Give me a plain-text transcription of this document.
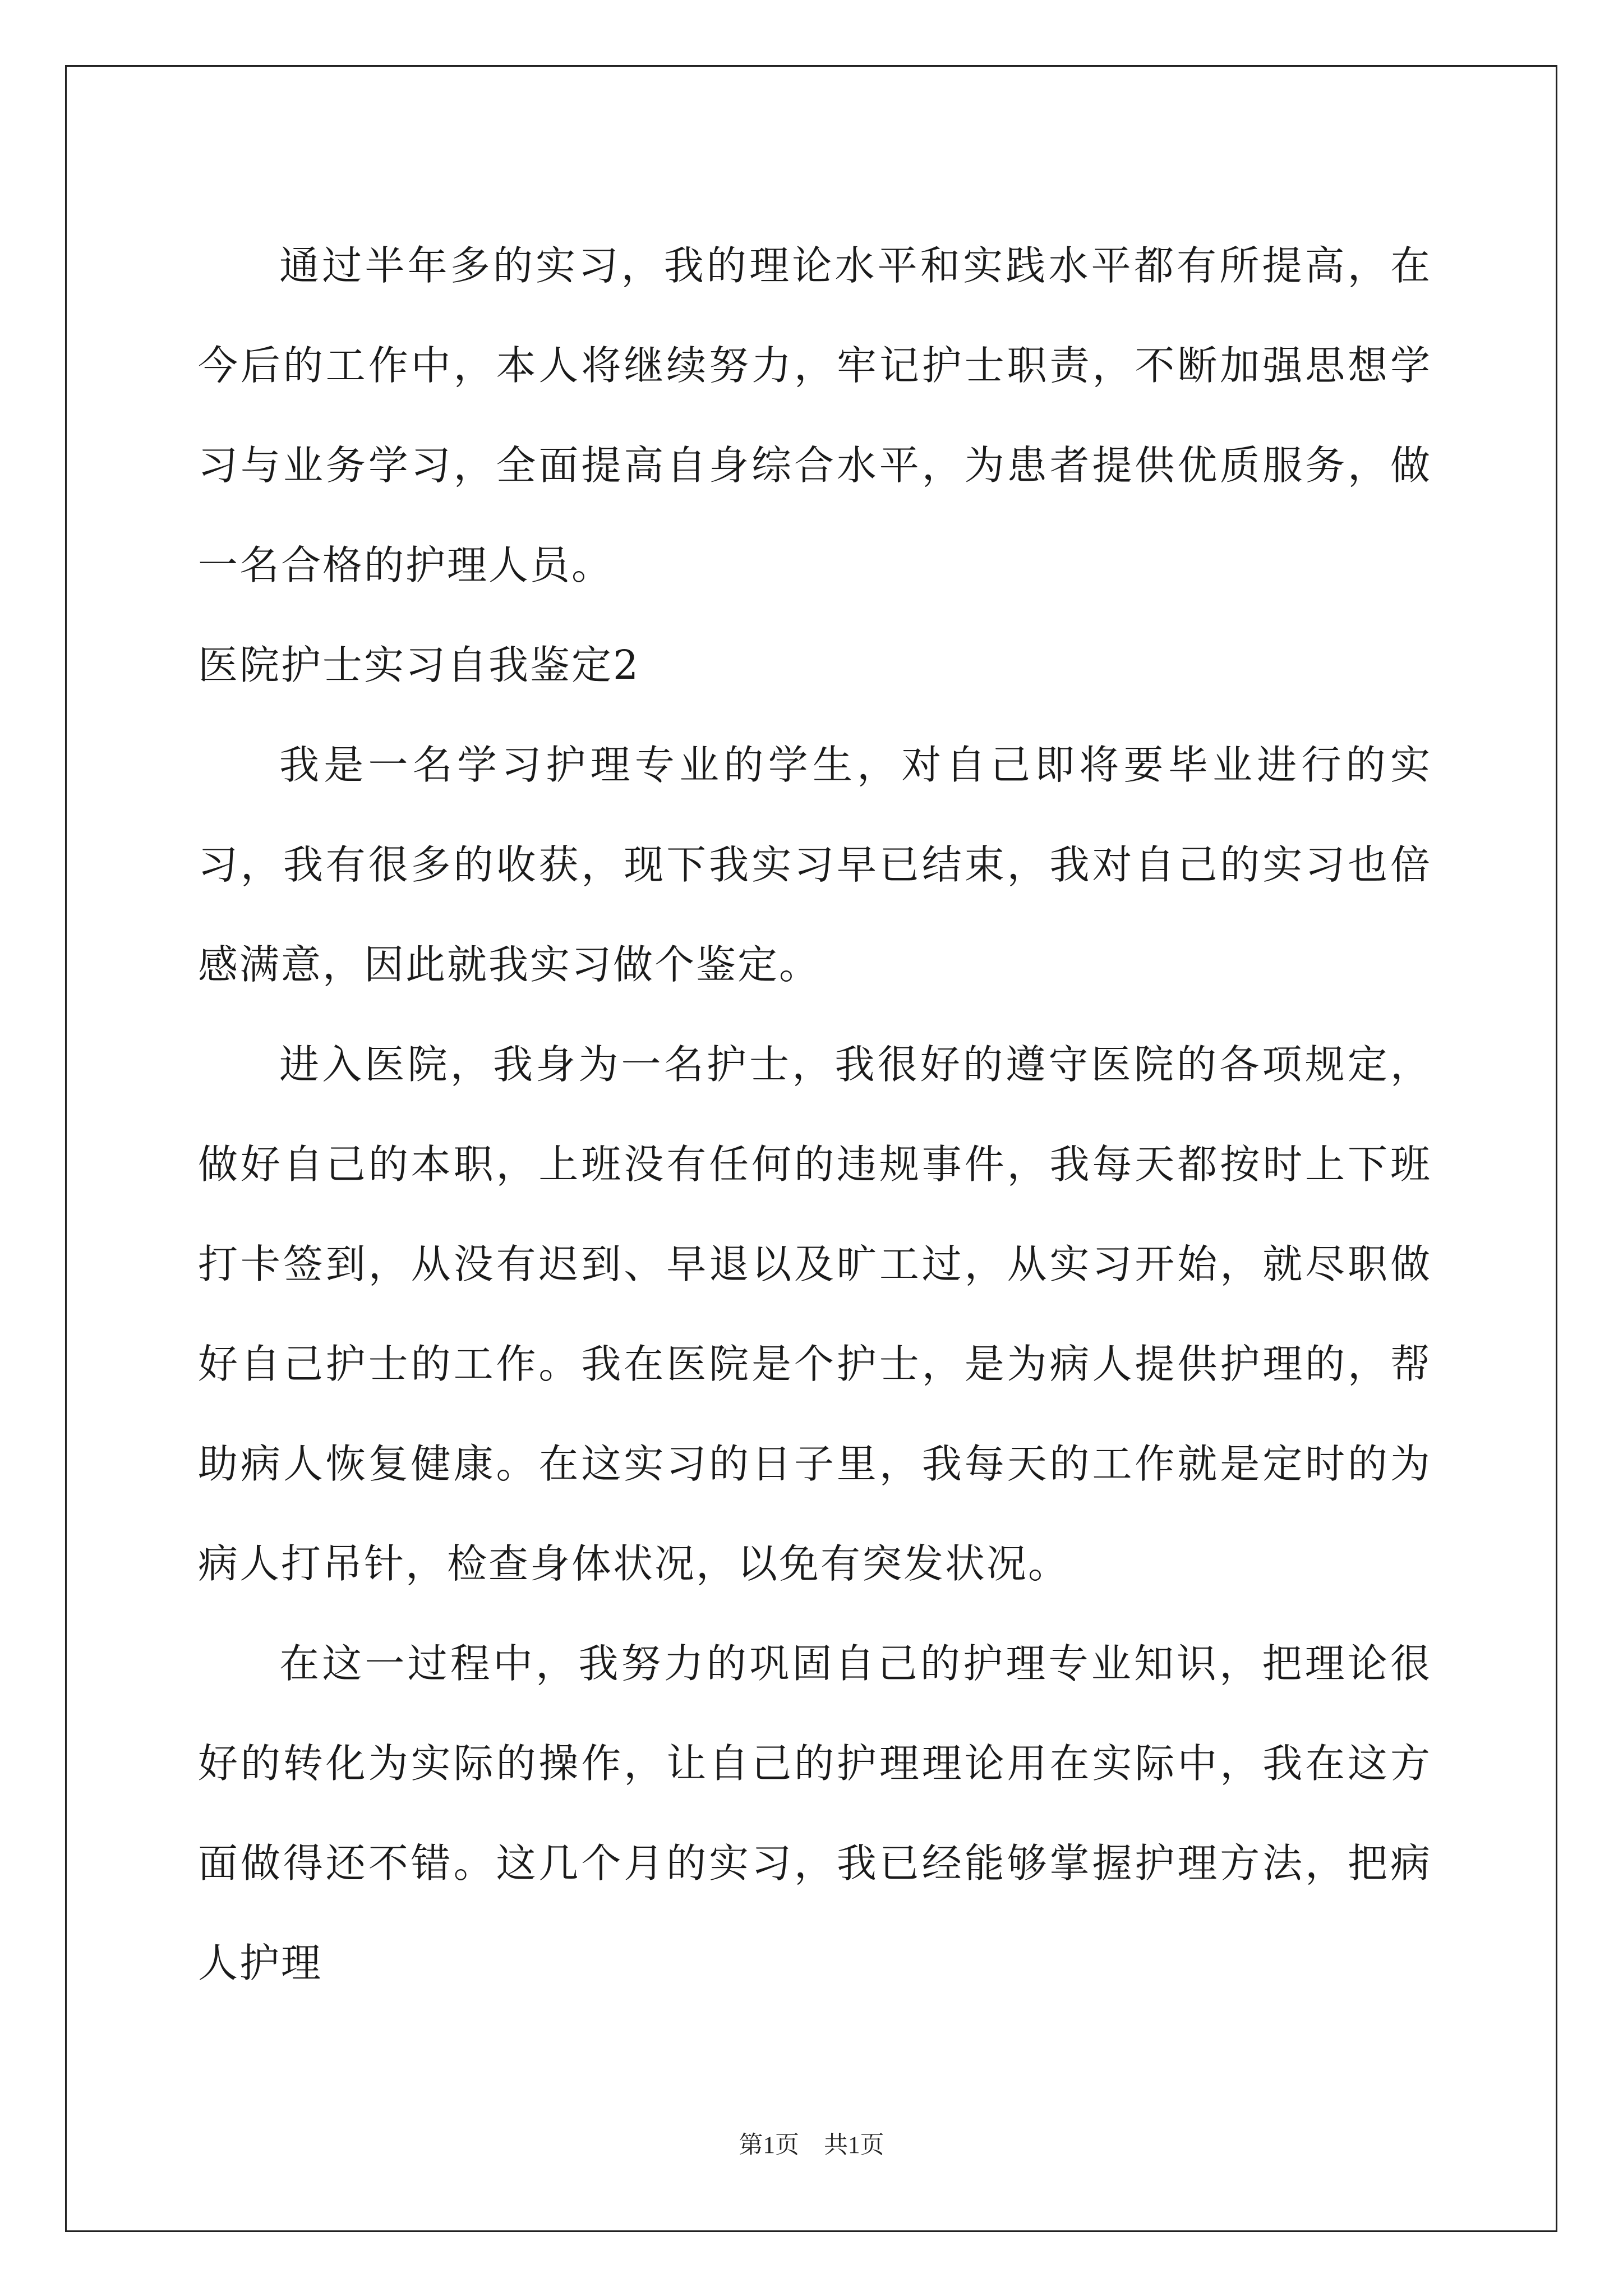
通过半年多的实习，我的理论水平和实践水平都有所提高，在今后的工作中，本人将继续努力，牢记护士职责，不断加强思想学习与业务学习，全面提高自身综合水平，为患者提供优质服务，做一名合格的护理人员。

医院护士实习自我鉴定2

我是一名学习护理专业的学生，对自己即将要毕业进行的实习，我有很多的收获，现下我实习早已结束，我对自己的实习也倍感满意，因此就我实习做个鉴定。

进入医院，我身为一名护士，我很好的遵守医院的各项规定，做好自己的本职，上班没有任何的违规事件，我每天都按时上下班打卡签到，从没有迟到、早退以及旷工过，从实习开始，就尽职做好自己护士的工作。我在医院是个护士，是为病人提供护理的，帮助病人恢复健康。在这实习的日子里，我每天的工作就是定时的为病人打吊针，检查身体状况，以免有突发状况。

在这一过程中，我努力的巩固自己的护理专业知识，把理论很好的转化为实际的操作，让自己的护理理论用在实际中，我在这方面做得还不错。这几个月的实习，我已经能够掌握护理方法，把病人护理

第1页 共1页
